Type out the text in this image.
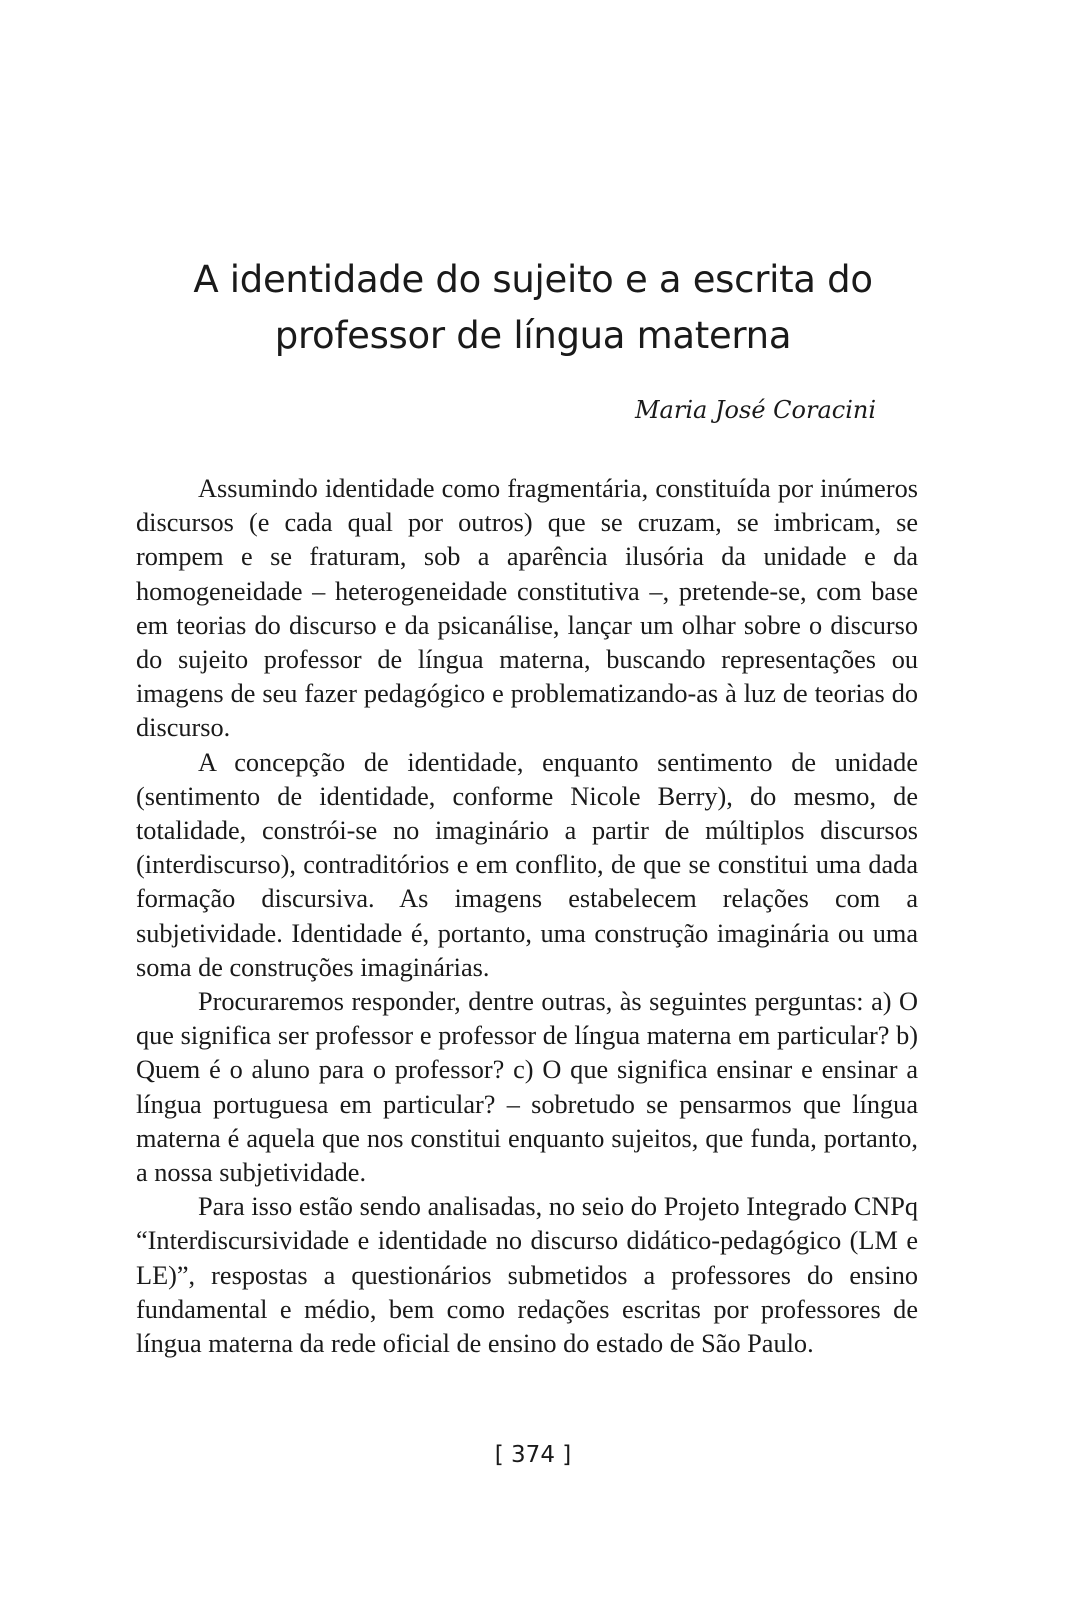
A identidade do sujeito e a escrita do professor de língua materna
Maria José Coracini

Assumindo identidade como fragmentária, constituída por inúmeros discursos (e cada qual por outros) que se cruzam, se imbricam, se rompem e se fraturam, sob a aparência ilusória da unidade e da homogeneidade – heterogeneidade constitutiva –, pretende-se, com base em teorias do discurso e da psicanálise, lançar um olhar sobre o discurso do sujeito professor de língua materna, buscando representações ou imagens de seu fazer pedagógico e problematizando-as à luz de teorias do discurso.

A concepção de identidade, enquanto sentimento de unidade (sentimento de identidade, conforme Nicole Berry), do mesmo, de totalidade, constrói-se no imaginário a partir de múltiplos discursos (interdiscurso), contraditórios e em conflito, de que se constitui uma dada formação discursiva. As imagens estabelecem relações com a subjetividade. Identidade é, portanto, uma construção imaginária ou uma soma de construções imaginárias.

Procuraremos responder, dentre outras, às seguintes perguntas: a) O que significa ser professor e professor de língua materna em particular? b) Quem é o aluno para o professor? c) O que significa ensinar e ensinar a língua portuguesa em particular? – sobretudo se pensarmos que língua materna é aquela que nos constitui enquanto sujeitos, que funda, portanto, a nossa subjetividade.

Para isso estão sendo analisadas, no seio do Projeto Integrado CNPq “Interdiscursividade e identidade no discurso didático-pedagógico (LM e LE)”, respostas a questionários submetidos a professores do ensino fundamental e médio, bem como redações escritas por professores de língua materna da rede oficial de ensino do estado de São Paulo.

[ 374 ]
